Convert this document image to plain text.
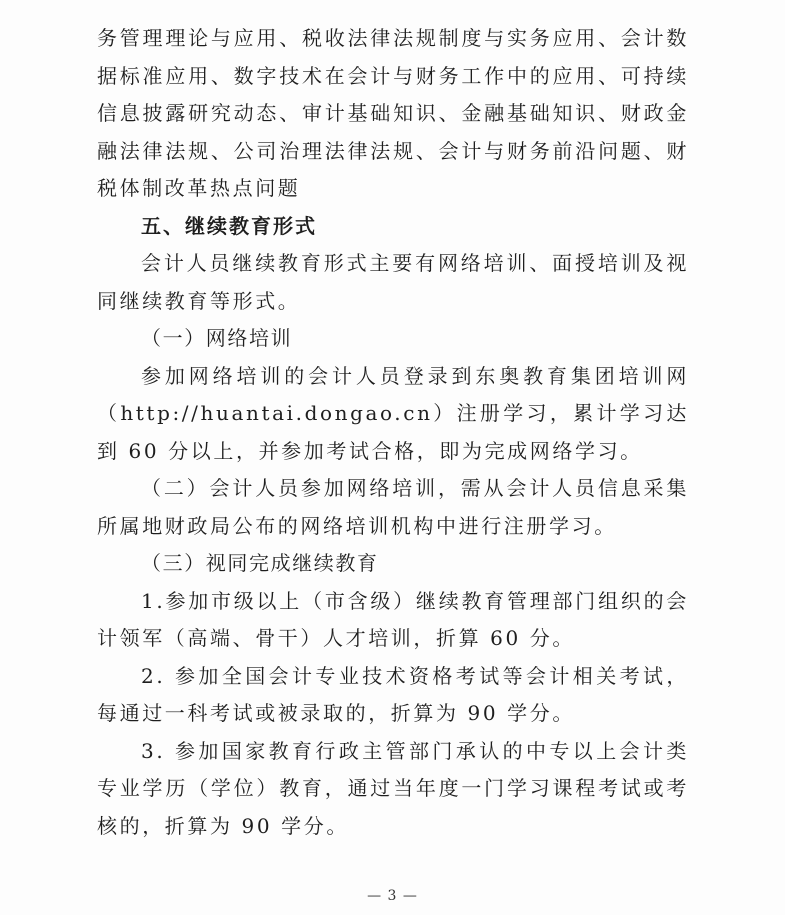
务管理理论与应用、税收法律法规制度与实务应用、会计数据标准应用、数字技术在会计与财务工作中的应用、可持续信息披露研究动态、审计基础知识、金融基础知识、财政金融法律法规、公司治理法律法规、会计与财务前沿问题、财税体制改革热点问题

五、继续教育形式

会计人员继续教育形式主要有网络培训、面授培训及视同继续教育等形式。

（一）网络培训

参加网络培训的会计人员登录到东奥教育集团培训网（http://huantai.dongao.cn）注册学习，累计学习达到 60 分以上，并参加考试合格，即为完成网络学习。

（二）会计人员参加网络培训，需从会计人员信息采集所属地财政局公布的网络培训机构中进行注册学习。

（三）视同完成继续教育

1.参加市级以上（市含级）继续教育管理部门组织的会计领军（高端、骨干）人才培训，折算 60 分。

2. 参加全国会计专业技术资格考试等会计相关考试，每通过一科考试或被录取的，折算为 90 学分。

3. 参加国家教育行政主管部门承认的中专以上会计类专业学历（学位）教育，通过当年度一门学习课程考试或考核的，折算为 90 学分。

— 3 —
